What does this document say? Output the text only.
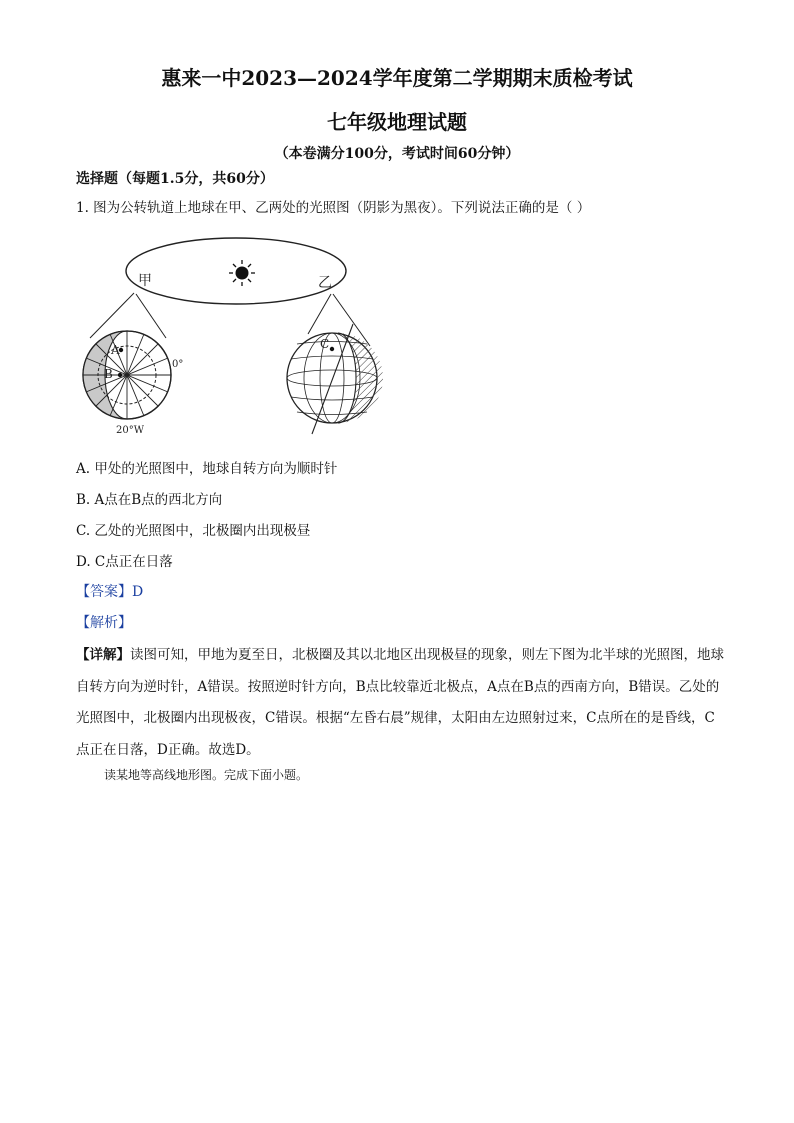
惠来一中2023—2024学年度第二学期期末质检考试
七年级地理试题
（本卷满分100分，考试时间60分钟）
选择题（每题1.5分，共60分）
1. 图为公转轨道上地球在甲、乙两处的光照图（阴影为黑夜）。下列说法正确的是（ ）
甲	乙
A
B
0°
20°W
C
A. 甲处的光照图中，地球自转方向为顺时针
B. A点在B点的西北方向
C. 乙处的光照图中，北极圈内出现极昼
D. C点正在日落
【答案】D
【解析】
【详解】读图可知，甲地为夏至日，北极圈及其以北地区出现极昼的现象，则左下图为北半球的光照图，地球自转方向为逆时针，A错误。按照逆时针方向，B点比较靠近北极点，A点在B点的西南方向，B错误。乙处的光照图中，北极圈内出现极夜，C错误。根据“左昏右晨”规律，太阳由左边照射过来，C点所在的是昏线，C点正在日落，D正确。故选D。
读某地等高线地形图。完成下面小题。
